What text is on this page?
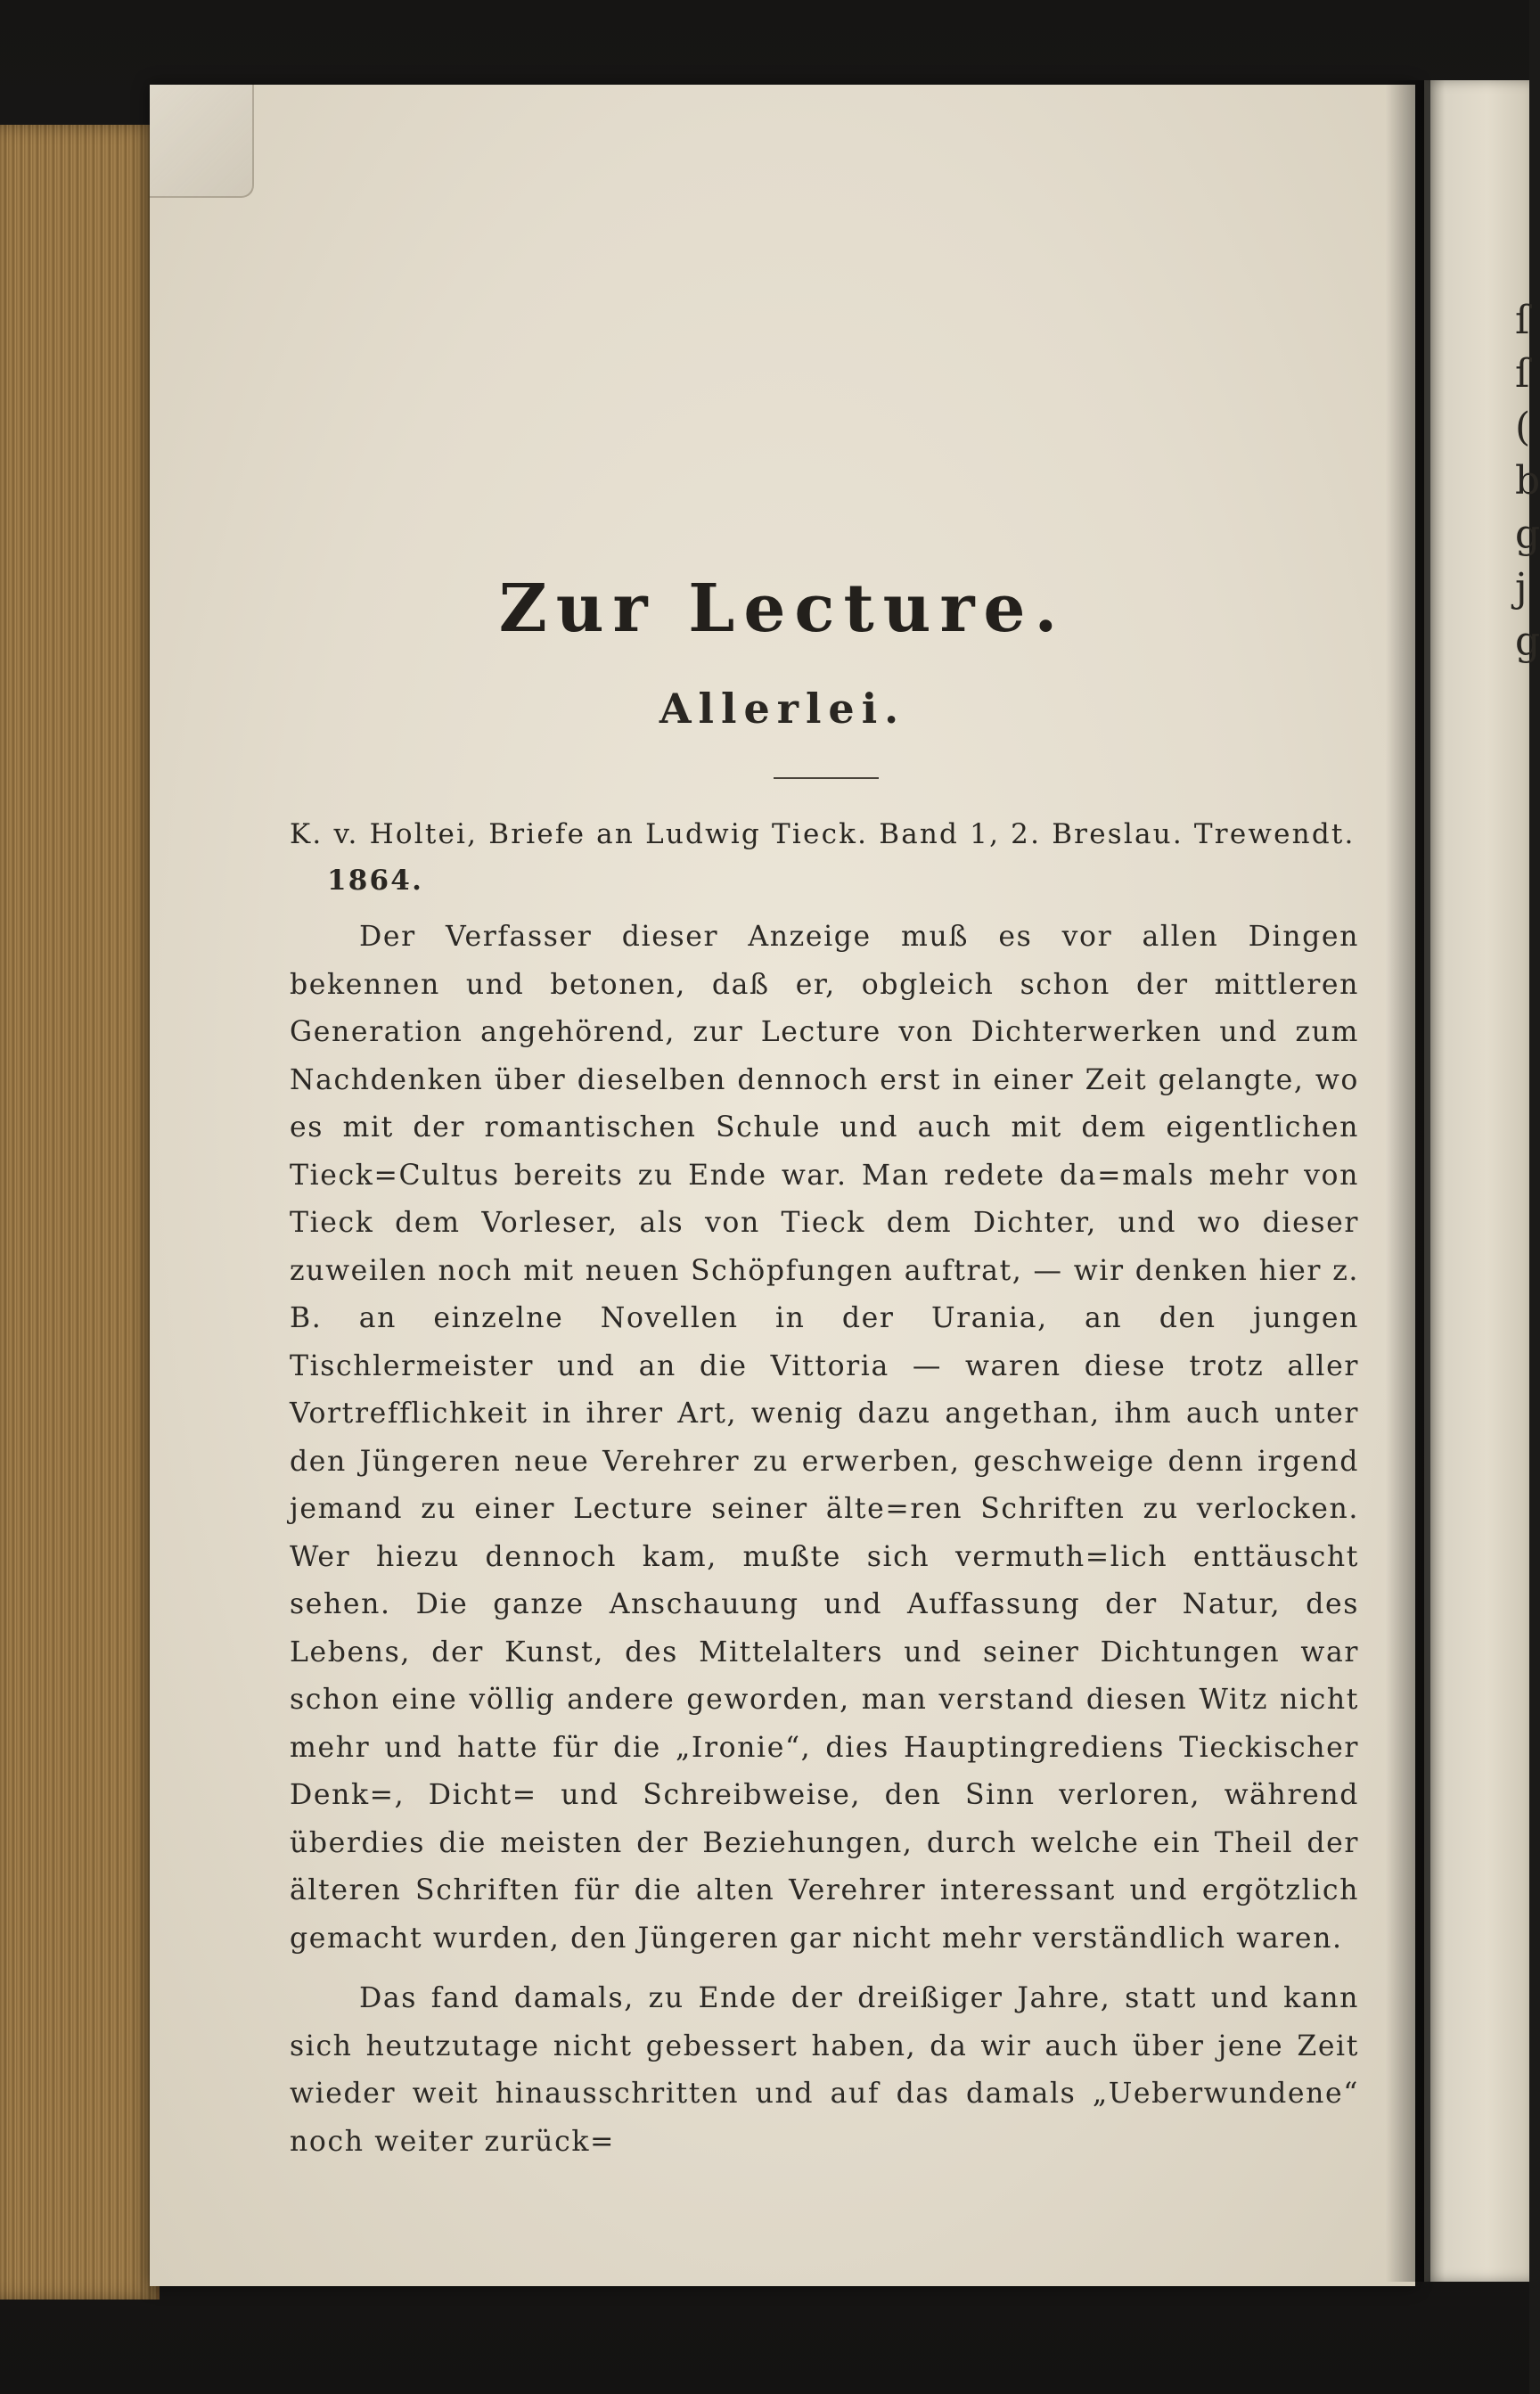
ſ
ſ
(
b
g
j
g
Zur Lecture.
Allerlei.

K. v. Holtei, Briefe an Ludwig Tieck. Band 1, 2. Breslau. Trewendt.
1864.

Der Verfasser dieser Anzeige muß es vor allen Dingen bekennen und betonen, daß er, obgleich schon der mittleren Generation angehörend, zur Lecture von Dichterwerken und zum Nachdenken über dieselben dennoch erst in einer Zeit gelangte, wo es mit der romantischen Schule und auch mit dem eigentlichen Tieck=Cultus bereits zu Ende war. Man redete da=mals mehr von Tieck dem Vorleser, als von Tieck dem Dichter, und wo dieser zuweilen noch mit neuen Schöpfungen auftrat, — wir denken hier z. B. an einzelne Novellen in der Urania, an den jungen Tischlermeister und an die Vittoria — waren diese trotz aller Vortrefflichkeit in ihrer Art, wenig dazu angethan, ihm auch unter den Jüngeren neue Verehrer zu erwerben, geschweige denn irgend jemand zu einer Lecture seiner älte=ren Schriften zu verlocken. Wer hiezu dennoch kam, mußte sich vermuth=lich enttäuscht sehen. Die ganze Anschauung und Auffassung der Natur, des Lebens, der Kunst, des Mittelalters und seiner Dichtungen war schon eine völlig andere geworden, man verstand diesen Witz nicht mehr und hatte für die „Ironie“, dies Hauptingrediens Tieckischer Denk=, Dicht= und Schreibweise, den Sinn verloren, während überdies die meisten der Beziehungen, durch welche ein Theil der älteren Schriften für die alten Verehrer interessant und ergötzlich gemacht wurden, den Jüngeren gar nicht mehr verständlich waren.

Das fand damals, zu Ende der dreißiger Jahre, statt und kann sich heutzutage nicht gebessert haben, da wir auch über jene Zeit wieder weit hinausschritten und auf das damals „Ueberwundene“ noch weiter zurück=
